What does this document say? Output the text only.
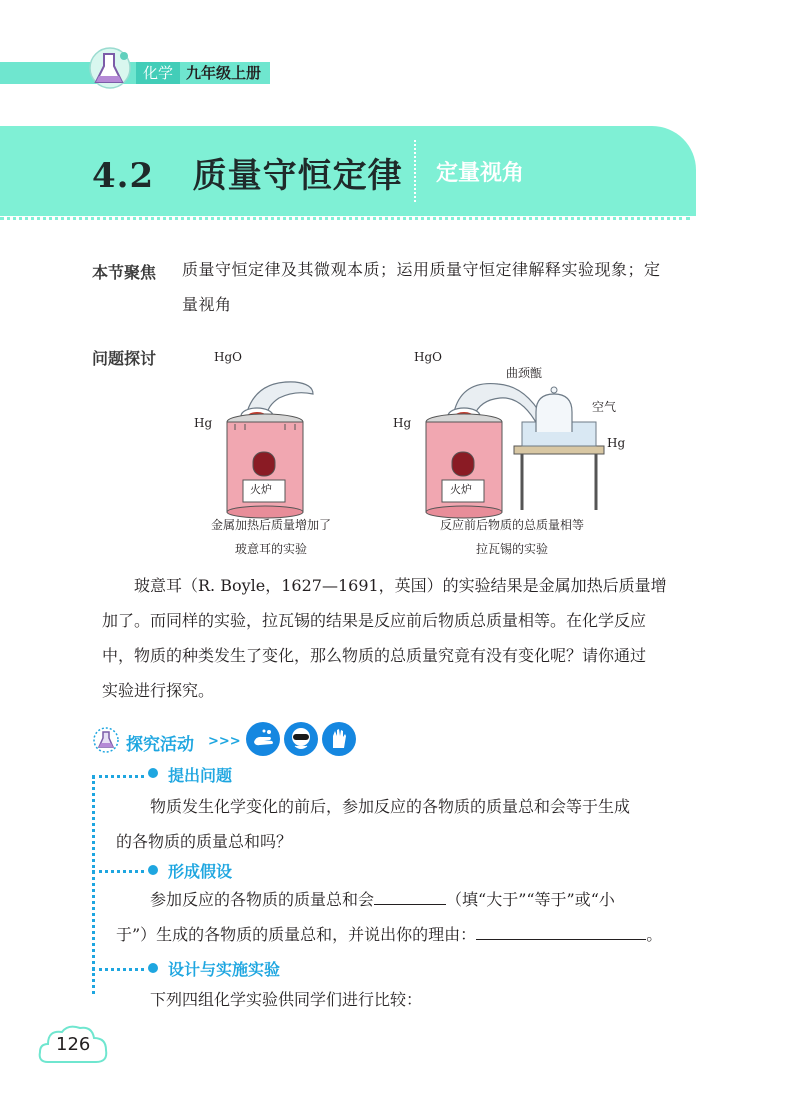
化学 九年级上册
4.2 质量守恒定律 定量视角
本节聚焦 质量守恒定律及其微观本质；运用质量守恒定律解释实验现象；定
量视角
问题探讨	HgO
Hg
火炉
金属加热后质量增加了
玻意耳的实验
HgO
曲颈甑
空气
Hg
Hg
火炉
反应前后物质的总质量相等
拉瓦锡的实验
玻意耳（R. Boyle，1627—1691，英国）的实验结果是金属加热后质量增
加了。而同样的实验，拉瓦锡的结果是反应前后物质总质量相等。在化学反应
中，物质的种类发生了变化，那么物质的总质量究竟有没有变化呢？请你通过
实验进行探究。
探究活动 >>>
提出问题
物质发生化学变化的前后，参加反应的各物质的质量总和会等于生成
的各物质的质量总和吗？
形成假设
参加反应的各物质的质量总和会	（填“大于”“等于”或“小
于”）生成的各物质的质量总和，并说出你的理由：	。
设计与实施实验
下列四组化学实验供同学们进行比较：
126
